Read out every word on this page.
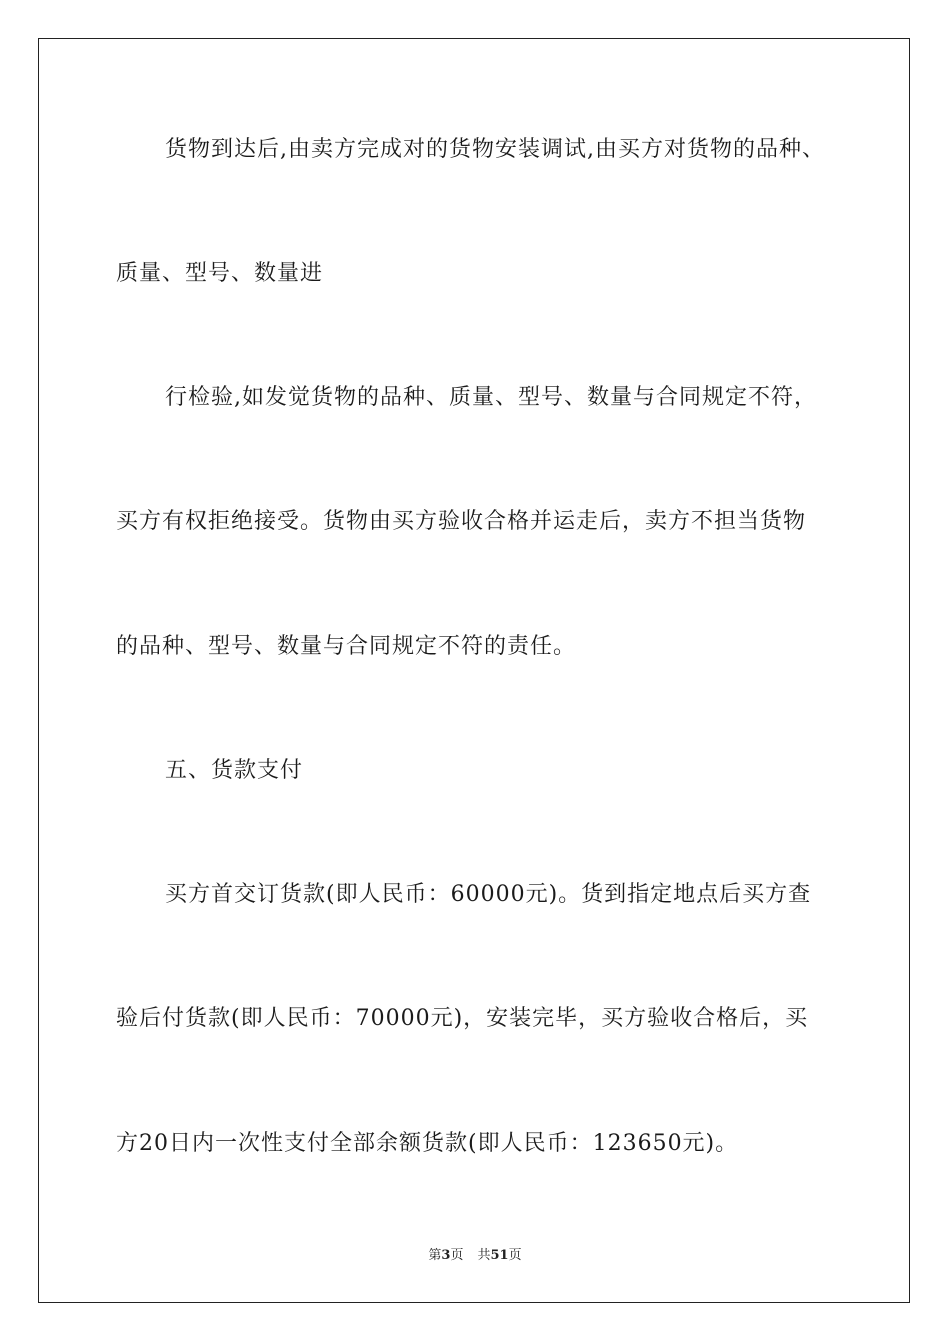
货物到达后,由卖方完成对的货物安装调试,由买方对货物的品种、
质量、型号、数量进
行检验,如发觉货物的品种、质量、型号、数量与合同规定不符，
买方有权拒绝接受。货物由买方验收合格并运走后，卖方不担当货物
的品种、型号、数量与合同规定不符的责任。
五、货款支付
买方首交订货款(即人民币：60000元)。货到指定地点后买方查
验后付货款(即人民币：70000元)，安装完毕，买方验收合格后，买
方20日内一次性支付全部余额货款(即人民币：123650元)。
第3页 共51页
